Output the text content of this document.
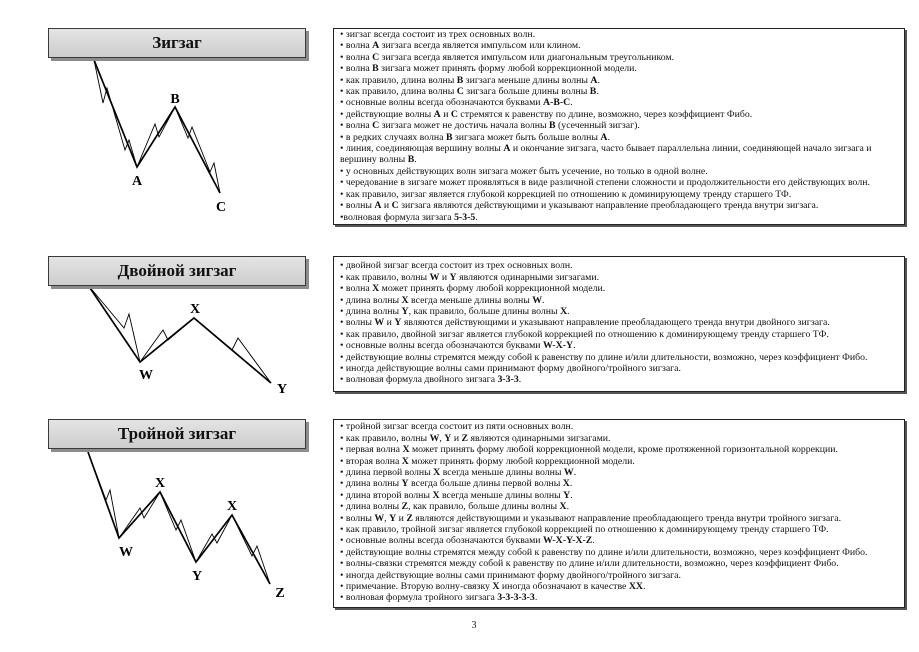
A
B
C
W
X
Y
W
X
Y
X
Z
Зигзаг
Двойной зигзаг
Тройной зигзаг
• зигзаг всегда состоит из трех основных волн.
• волна А зигзага всегда является импульсом или клином.
• волна С зигзага всегда является импульсом или диагональным треугольником.
• волна В зигзага может принять форму любой коррекционной модели.
• как правило, длина волны В зигзага меньше длины волны А.
• как правило, длина волны С зигзага больше длины волны В.
• основные волны всегда обозначаются буквами А-В-С.
• действующие волны А и С стремятся к равенству по длине, возможно, через коэффициент Фибо.
• волна С зигзага может не достичь начала волны В (усеченный зигзаг).
• в редких случаях волна В зигзага может быть больше волны А.
• линия, соединяющая вершину волны А и окончание зигзага, часто бывает параллельна линии, соединяющей начало зигзага и вершину волны В.
• у основных действующих волн зигзага может быть усечение, но только в одной волне.
• чередование в зигзаге может проявляться в виде различной степени сложности и продолжительности его действующих волн.
• как правило, зигзаг является глубокой коррекцией по отношению к доминирующему тренду старшего ТФ.
• волны А и С зигзага являются действующими и указывают направление преобладающего тренда внутри зигзага.
•волновая формула зигзага 5-3-5.
• двойной зигзаг всегда состоит из трех основных волн.
• как правило, волны W и Y являются одинарными зигзагами.
• волна X может принять форму любой коррекционной модели.
• длина волны X всегда меньше длины волны W.
• длина волны Y, как правило, больше длины волны X.
• волны W и Y являются действующими и указывают направление преобладающего тренда внутри двойного зигзага.
• как правило, двойной зигзаг является глубокой коррекцией по отношению к доминирующему тренду старшего ТФ.
• основные волны всегда обозначаются буквами W-X-Y.
• действующие волны стремятся между собой к равенству по длине и/или длительности, возможно, через коэффициент Фибо.
• иногда действующие волны сами принимают форму двойного/тройного зигзага.
• волновая формула двойного зигзага 3-3-3.
• тройной зигзаг всегда состоит из пяти основных волн.
• как правило, волны W, Y и Z являются одинарными зигзагами.
• первая волна X может принять форму любой коррекционной модели, кроме протяженной горизонтальной коррекции.
• вторая волна X может принять форму любой коррекционной модели.
• длина первой волны X всегда меньше длины волны W.
• длина волны Y всегда больше длины первой волны X.
• длина второй волны X всегда меньше длины волны Y.
• длина волны Z, как правило, больше длины волны X.
• волны W, Y и Z являются действующими и указывают направление преобладающего тренда внутри тройного зигзага.
• как правило, тройной зигзаг является глубокой коррекцией по отношению к доминирующему тренду старшего ТФ.
• основные волны всегда обозначаются буквами W-X-Y-X-Z.
• действующие волны стремятся между собой к равенству по длине и/или длительности, возможно, через коэффициент Фибо.
• волны-связки стремятся между собой к равенству по длине и/или длительности, возможно, через коэффициент Фибо.
• иногда действующие волны сами принимают форму двойного/тройного зигзага.
• примечание. Вторую волну-связку X иногда обозначают в качестве XX.
• волновая формула тройного зигзага 3-3-3-3-3.
3
